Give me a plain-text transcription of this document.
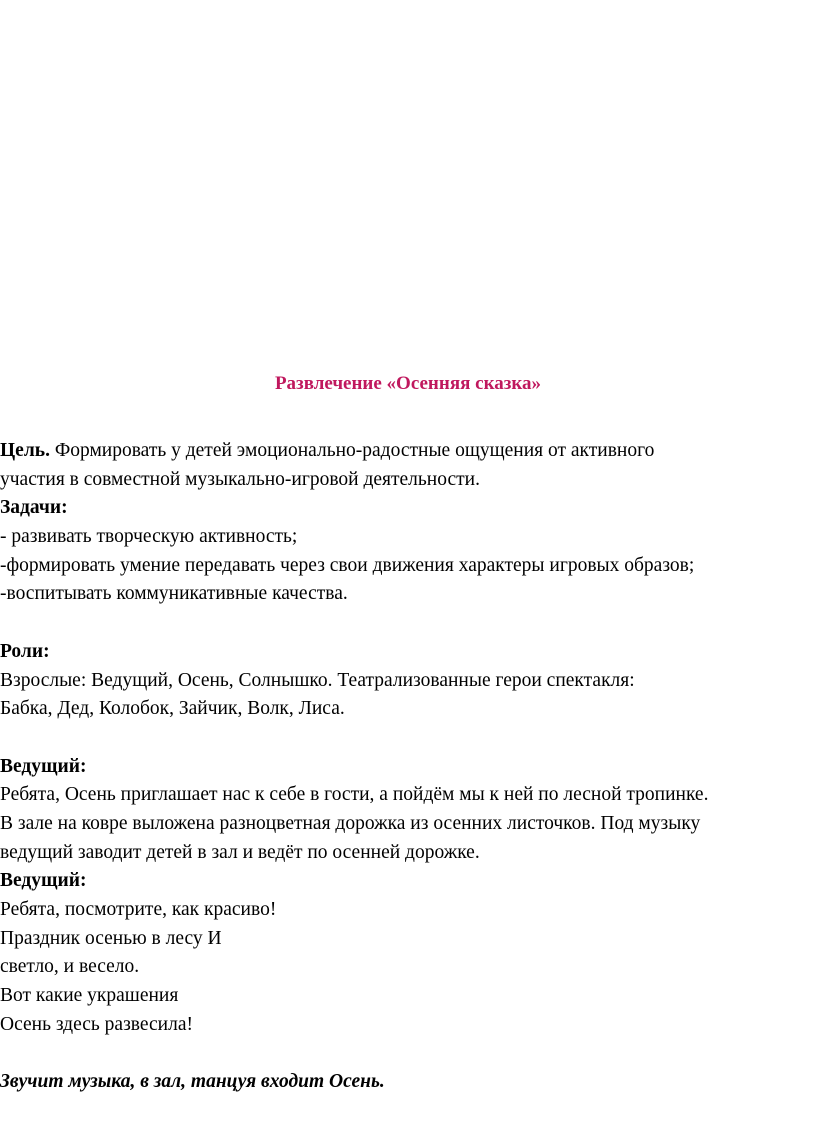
Развлечение «Осенняя сказка»
Цель. Формировать у детей эмоционально-радостные ощущения от активного
участия в совместной музыкально-игровой деятельности.
Задачи:
- развивать творческую активность;
-формировать умение передавать через свои движения характеры игровых образов;
-воспитывать коммуникативные качества.
Роли:
Взрослые: Ведущий, Осень, Солнышко. Театрализованные герои спектакля:
Бабка, Дед, Колобок, Зайчик, Волк, Лиса.
Ведущий:
Ребята, Осень приглашает нас к себе в гости, а пойдём мы к ней по лесной тропинке.
В зале на ковре выложена разноцветная дорожка из осенних листочков. Под музыку
ведущий заводит детей в зал и ведёт по осенней дорожке.
Ведущий:
Ребята, посмотрите, как красиво!
Праздник осенью в лесу И
светло, и весело.
Вот какие украшения
Осень здесь развесила!
Звучит музыка, в зал, танцуя входит Осень.
